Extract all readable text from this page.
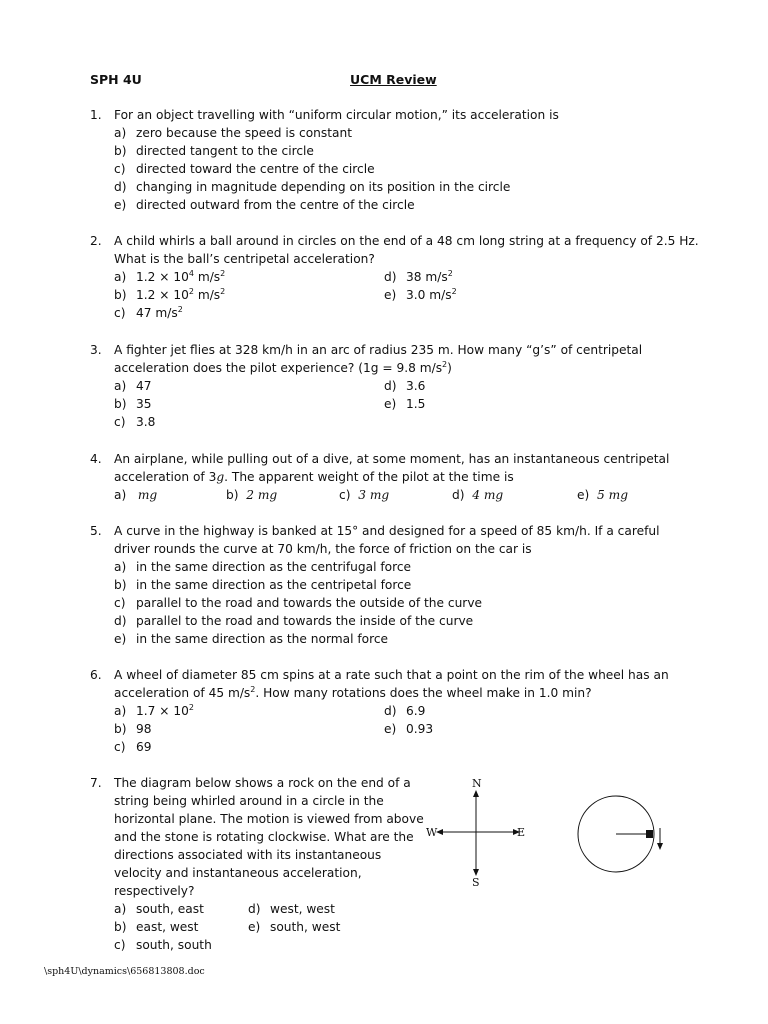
SPH 4U	UCM Review
1. For an object travelling with “uniform circular motion,” its acceleration is
a) zero because the speed is constant
b) directed tangent to the circle
c) directed toward the centre of the circle
d) changing in magnitude depending on its position in the circle
e) directed outward from the centre of the circle
2. A child whirls a ball around in circles on the end of a 48 cm long string at a frequency of 2.5 Hz.
What is the ball’s centripetal acceleration?
a) $1.2 \times 10^4$ $m/s^2$	d) 38 $m/s^2$
b) $1.2 \times 10^2$ $m/s^2$	e) 3.0 $m/s^2$
c) 47 $m/s^2$
3. A fighter jet flies at 328 km/h in an arc of radius 235 m. How many “g’s” of centripetal
acceleration does the pilot experience? (1g = 9.8 $m/s^2$)
a) 47	d) 3.6
b) 35	e) 1.5
c) 3.8
4. An airplane, while pulling out of a dive, at some moment, has an instantaneous centripetal
acceleration of 3g. The apparent weight of the pilot at the time is
a) mg	b) 2 mg	c) 3 mg	d) 4 mg	e) 5 mg
5. A curve in the highway is banked at 15° and designed for a speed of 85 km/h. If a careful
driver rounds the curve at 70 km/h, the force of friction on the car is
a) in the same direction as the centrifugal force
b) in the same direction as the centripetal force
c) parallel to the road and towards the outside of the curve
d) parallel to the road and towards the inside of the curve
e) in the same direction as the normal force
6. A wheel of diameter 85 cm spins at a rate such that a point on the rim of the wheel has an
acceleration of 45 $m/s^2$. How many rotations does the wheel make in 1.0 min?
a) $1.7 \times 10^2$	d) 6.9
b) 98	e) 0.93
c) 69
7. The diagram below shows a rock on the end of a
string being whirled around in a circle in the
horizontal plane. The motion is viewed from above
and the stone is rotating clockwise. What are the
directions associated with its instantaneous
velocity and instantaneous acceleration,
respectively?
a) south, east	d) west, west
b) east, west	e) south, west
c) south, south
N
S
W	E
\sph4U\dynamics\656813808.doc
